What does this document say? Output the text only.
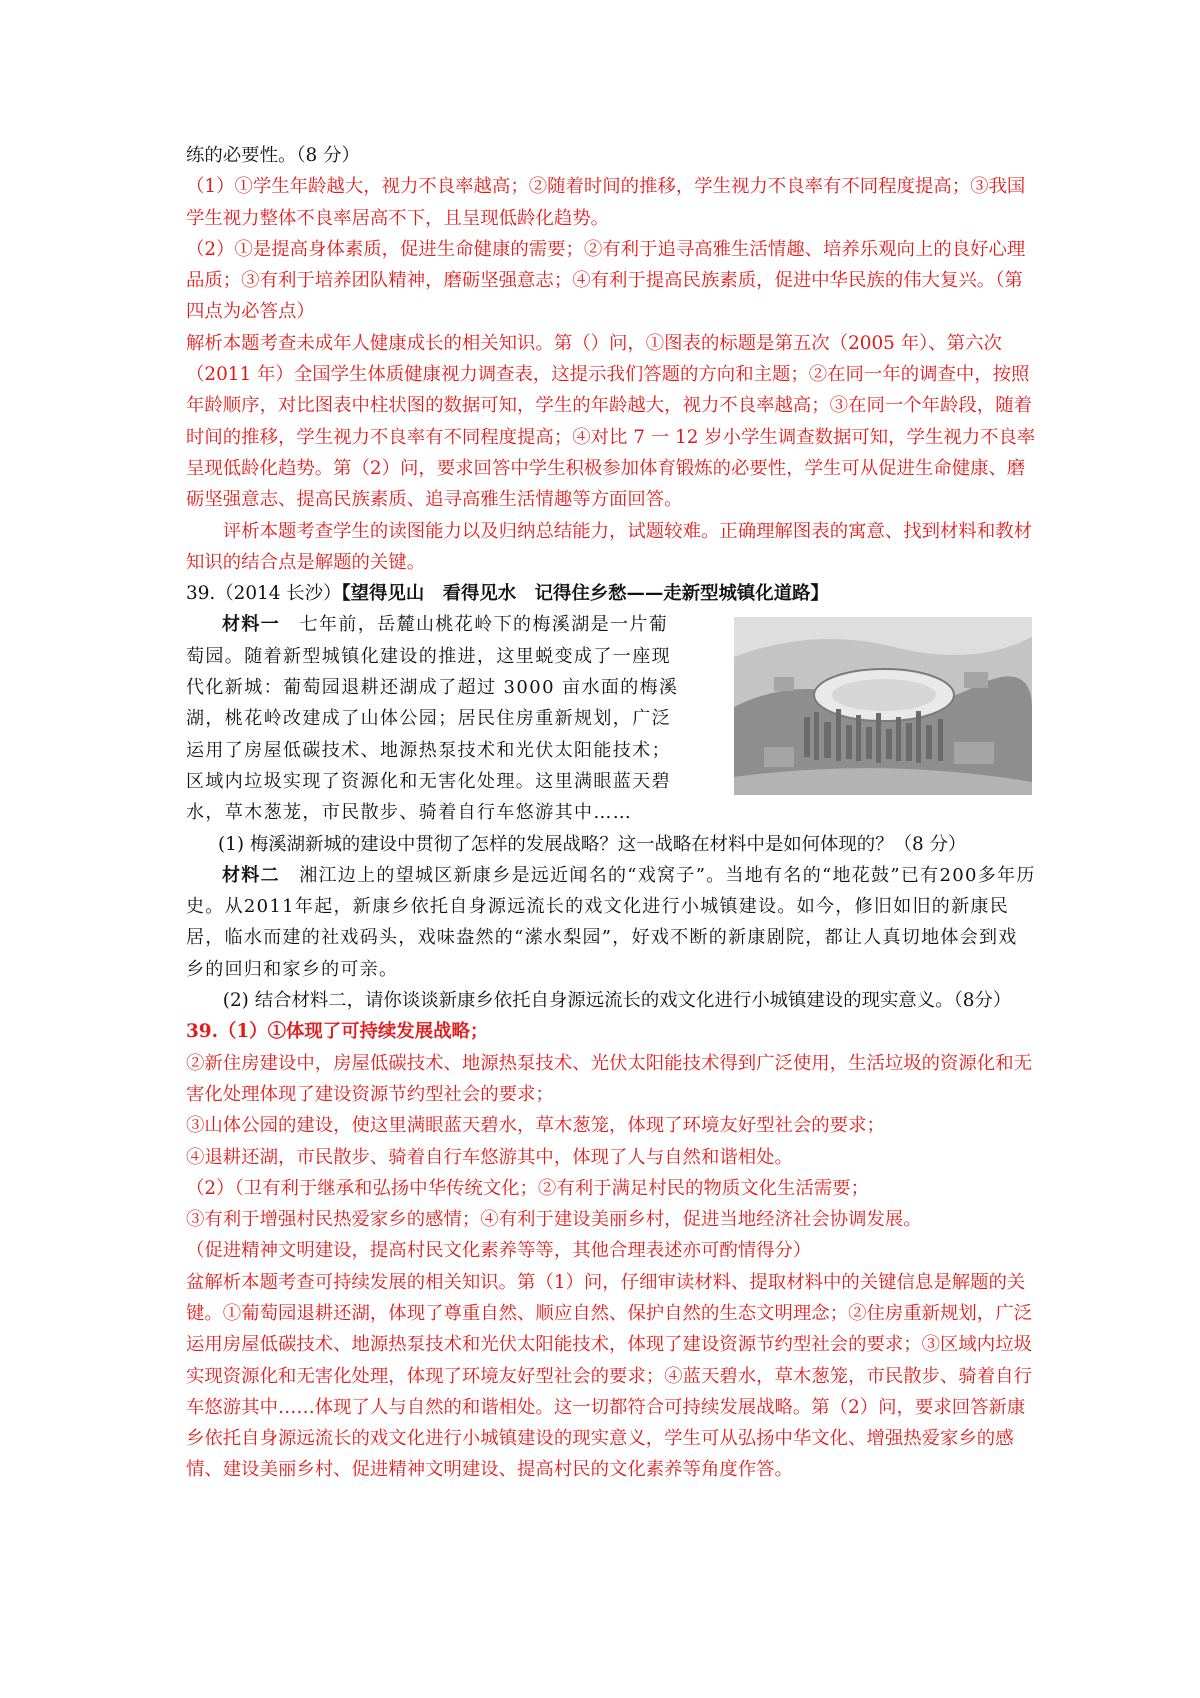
练的必要性。（8 分）

（1）①学生年龄越大，视力不良率越高；②随着时间的推移，学生视力不良率有不同程度提高；③我国学生视力整体不良率居高不下，且呈现低龄化趋势。

（2）①是提高身体素质，促进生命健康的需要；②有利于追寻高雅生活情趣、培养乐观向上的良好心理品质；③有利于培养团队精神，磨砺坚强意志；④有利于提高民族素质，促进中华民族的伟大复兴。（第四点为必答点）

解析本题考查未成年人健康成长的相关知识。第（）问，①图表的标题是第五次（2005 年）、第六次（2011 年）全国学生体质健康视力调查表，这提示我们答题的方向和主题；②在同一年的调查中，按照年龄顺序，对比图表中柱状图的数据可知，学生的年龄越大，视力不良率越高；③在同一个年龄段，随着时间的推移，学生视力不良率有不同程度提高；④对比 7 一 12 岁小学生调查数据可知，学生视力不良率呈现低龄化趋势。第（2）问，要求回答中学生积极参加体育锻炼的必要性，学生可从促进生命健康、磨砺坚强意志、提高民族素质、追寻高雅生活情趣等方面回答。

评析本题考查学生的读图能力以及归纳总结能力，试题较难。正确理解图表的寓意、找到材料和教材知识的结合点是解题的关键。

39.（2014 长沙）【望得见山　看得见水　记得住乡愁——走新型城镇化道路】

材料一　七年前，岳麓山桃花岭下的梅溪湖是一片葡萄园。随着新型城镇化建设的推进，这里蜕变成了一座现代化新城：葡萄园退耕还湖成了超过 3000 亩水面的梅溪湖，桃花岭改建成了山体公园；居民住房重新规划，广泛运用了房屋低碳技术、地源热泵技术和光伏太阳能技术；区域内垃圾实现了资源化和无害化处理。这里满眼蓝天碧水，草木葱茏，市民散步、骑着自行车悠游其中……

(1) 梅溪湖新城的建设中贯彻了怎样的发展战略？这一战略在材料中是如何体现的？（8 分）

材料二　湘江边上的望城区新康乡是远近闻名的“戏窝子”。当地有名的“地花鼓”已有200多年历史。从2011年起，新康乡依托自身源远流长的戏文化进行小城镇建设。如今，修旧如旧的新康民居，临水而建的社戏码头，戏味盎然的“潆水梨园”，好戏不断的新康剧院，都让人真切地体会到戏乡的回归和家乡的可亲。

(2) 结合材料二，请你谈谈新康乡依托自身源远流长的戏文化进行小城镇建设的现实意义。（8分）

39.（1）①体现了可持续发展战略；

②新住房建设中，房屋低碳技术、地源热泵技术、光伏太阳能技术得到广泛使用，生活垃圾的资源化和无害化处理体现了建设资源节约型社会的要求；

③山体公园的建设，使这里满眼蓝天碧水，草木葱笼，体现了环境友好型社会的要求；

④退耕还湖，市民散步、骑着自行车悠游其中，体现了人与自然和谐相处。

（2）（卫有利于继承和弘扬中华传统文化；②有利于满足村民的物质文化生活需要；

③有利于增强村民热爱家乡的感情；④有利于建设美丽乡村，促进当地经济社会协调发展。

（促进精神文明建设，提高村民文化素养等等，其他合理表述亦可酌情得分）

盆解析本题考查可持续发展的相关知识。第（1）问，仔细审读材料、提取材料中的关键信息是解题的关键。①葡萄园退耕还湖，体现了尊重自然、顺应自然、保护自然的生态文明理念；②住房重新规划，广泛运用房屋低碳技术、地源热泵技术和光伏太阳能技术，体现了建设资源节约型社会的要求；③区域内垃圾实现资源化和无害化处理，体现了环境友好型社会的要求；④蓝天碧水，草木葱笼，市民散步、骑着自行车悠游其中……体现了人与自然的和谐相处。这一切都符合可持续发展战略。第（2）问，要求回答新康乡依托自身源远流长的戏文化进行小城镇建设的现实意义，学生可从弘扬中华文化、增强热爱家乡的感情、建设美丽乡村、促进精神文明建设、提高村民的文化素养等角度作答。
